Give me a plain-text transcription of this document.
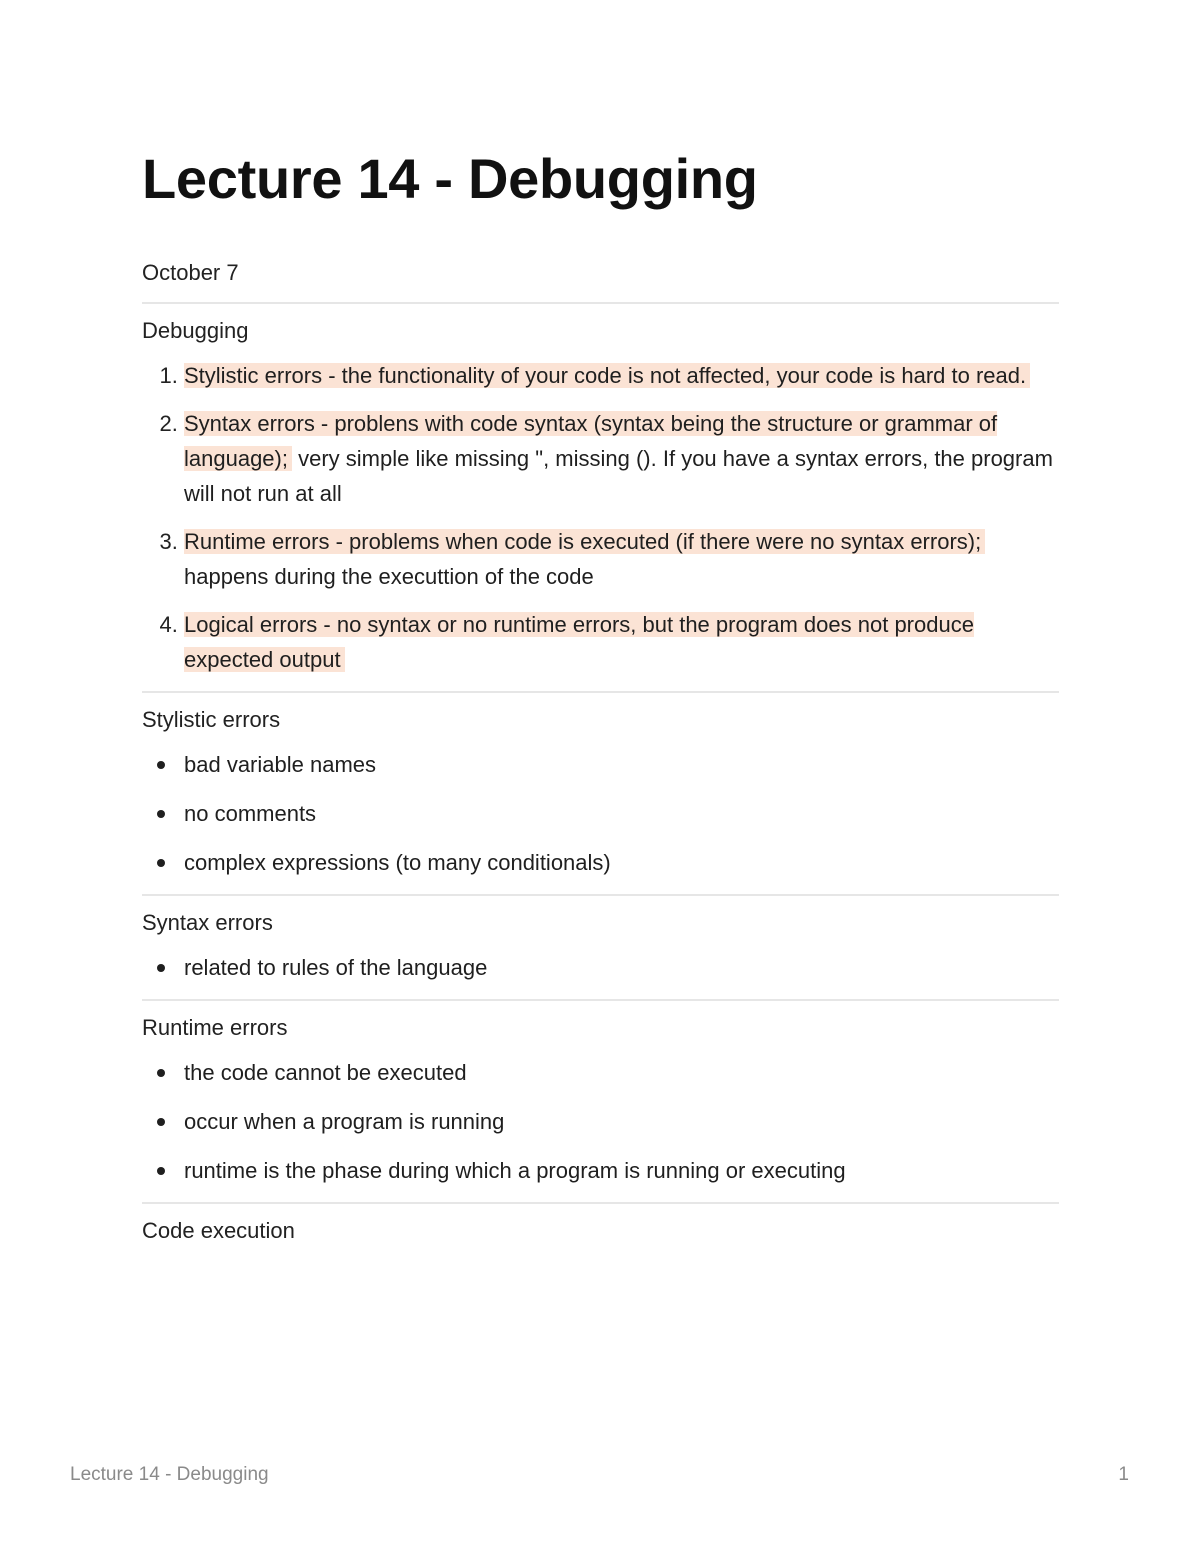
Lecture 14 - Debugging
October 7

Debugging

1. Stylistic errors - the functionality of your code is not affected, your code is hard to read.
2. Syntax errors - problens with code syntax (syntax being the structure or grammar of language); very simple like missing ", missing (). If you have a syntax errors, the program will not run at all
3. Runtime errors - problems when code is executed (if there were no syntax errors); happens during the executtion of the code
4. Logical errors - no syntax or no runtime errors, but the program does not produce expected output

Stylistic errors

bad variable names
no comments
complex expressions (to many conditionals)

Syntax errors

related to rules of the language

Runtime errors

the code cannot be executed
occur when a program is running
runtime is the phase during which a program is running or executing

Code execution

Lecture 14 - Debugging	1
